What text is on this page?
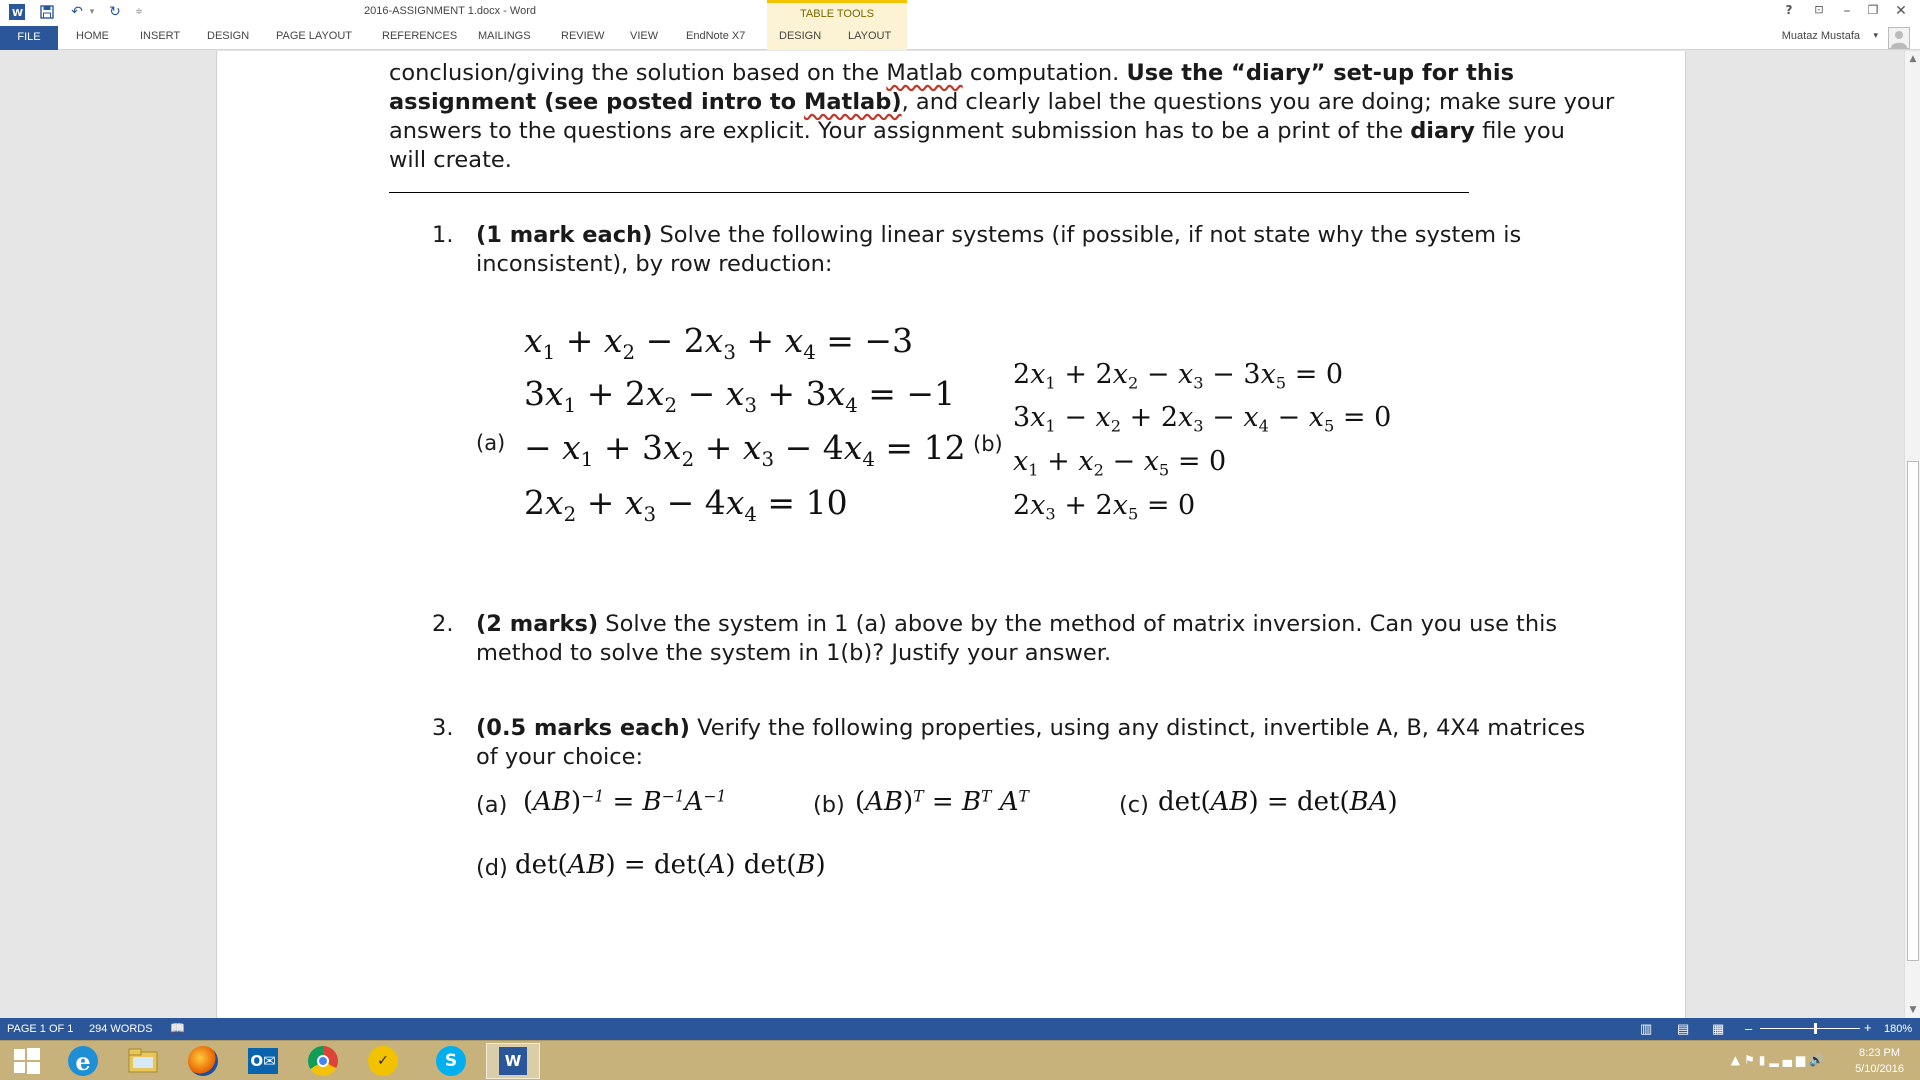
W	↶ ▾	↻	≑	2016-ASSIGNMENT 1.docx - Word	TABLE TOOLS	?	⊡	–	❐	✕
FILE	HOME	INSERT DESIGN PAGE LAYOUT	REFERENCES MAILINGS	REVIEW VIEW	EndNote X7	DESIGN LAYOUT	Muataz Mustafa ▾
conclusion/giving the solution based on the Matlab computation. Use the “diary” set-up for this
assignment (see posted intro to Matlab), and clearly label the questions you are doing; make sure your
answers to the questions are explicit. Your assignment submission has to be a print of the diary file you
will create.
1. (1 mark each) Solve the following linear systems (if possible, if not state why the system is
inconsistent), by row reduction:
(a)
$x_1 + x_2 - 2x_3 + x_4 = -3$
$3x_1 + 2x_2 - x_3 + 3x_4 = -1$
− $x_1 + 3x_2 + x_3 - 4x_4 = 12$
$2x_2 + x_3 - 4x_4 = 10$
(b)
$2x_1 + 2x_2 - x_3 - 3x_5 = 0$
$3x_1 - x_2 + 2x_3 - x_4 - x_5 = 0$
$x_1 + x_2 - x_5 = 0$
$2x_3 + 2x_5 = 0$
2. (2 marks) Solve the system in 1 (a) above by the method of matrix inversion. Can you use this
method to solve the system in 1(b)? Justify your answer.
3. (0.5 marks each) Verify the following properties, using any distinct, invertible A, B, 4X4 matrices
of your choice:
(a) $(AB)^{-1} = B^{-1}A^{-1}$	(b) $(AB)^T = B^T$ $A^T$	(c) det(AB) = det(BA)
(d) det(AB) = det(A) det(B)
▲
▼
PAGE 1 OF 1 294 WORDS 📖	▥ ▤ ▦ –	+ 180%
e	O✉	✓	S	W	▲⚑▮▂▄▆🔊	8:23 PM
5/10/2016
